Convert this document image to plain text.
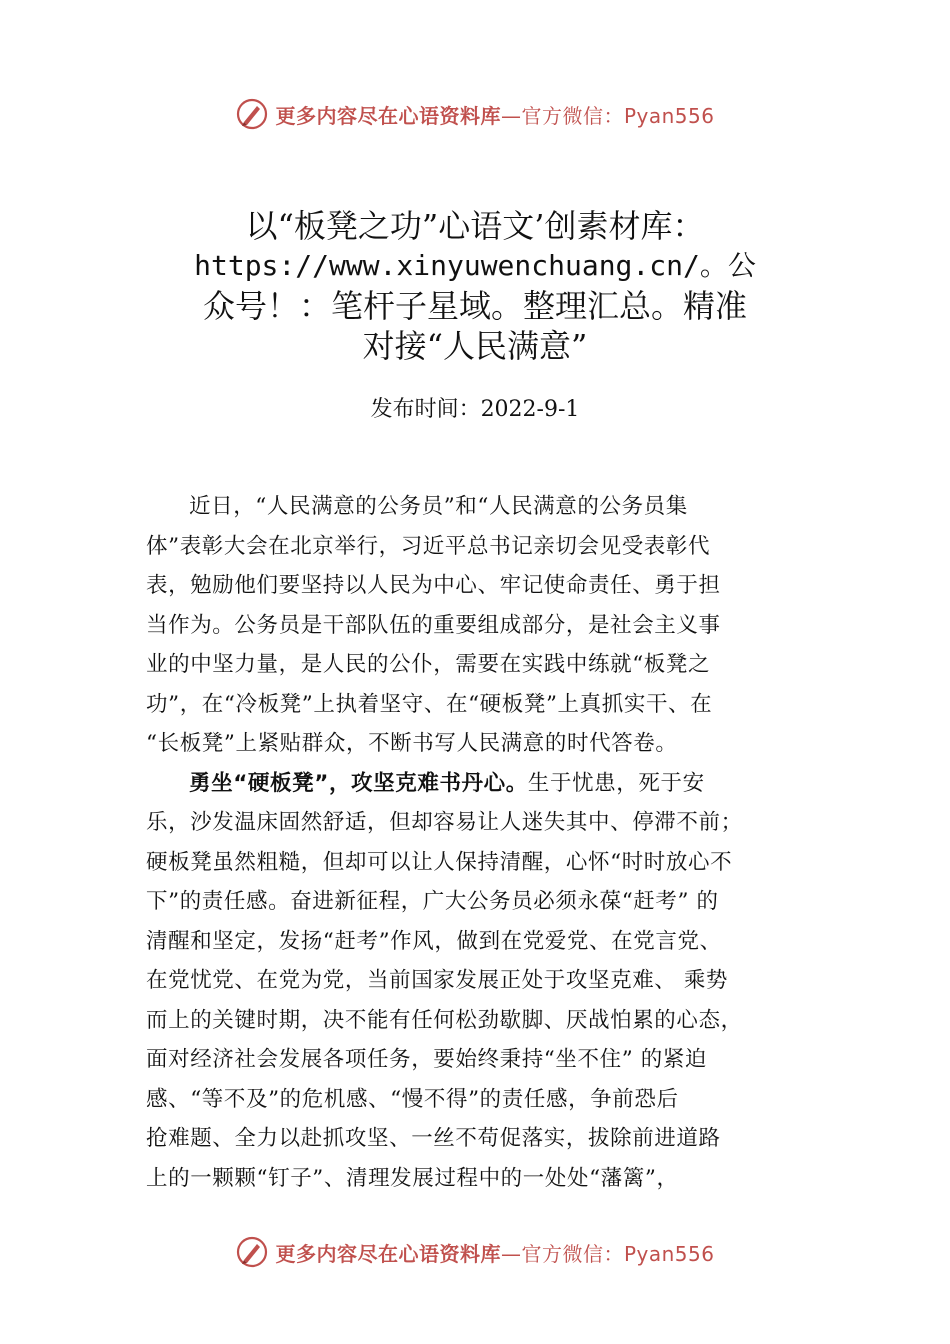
更多内容尽在心语资料库—官方微信：Pyan556
以“板凳之功”心语文’创素材库：
https://www.xinyuwenchuang.cn/。公
众号！：笔杆子星域。整理汇总。精准
对接“人民满意”
发布时间：2022-9-1
近日，“人民满意的公务员”和“人民满意的公务员集
体”表彰大会在北京举行，习近平总书记亲切会见受表彰代
表，勉励他们要坚持以人民为中心、牢记使命责任、勇于担
当作为。公务员是干部队伍的重要组成部分，是社会主义事
业的中坚力量，是人民的公仆，需要在实践中练就“板凳之
功”，在“冷板凳”上执着坚守、在“硬板凳”上真抓实干、在
“长板凳”上紧贴群众，不断书写人民满意的时代答卷。
勇坐“硬板凳”，攻坚克难书丹心。生于忧患，死于安
乐，沙发温床固然舒适，但却容易让人迷失其中、停滞不前；
硬板凳虽然粗糙，但却可以让人保持清醒，心怀“时时放心不
下”的责任感。奋进新征程，广大公务员必须永葆“赶考” 的
清醒和坚定，发扬“赶考”作风，做到在党爱党、在党言党、
在党忧党、在党为党，当前国家发展正处于攻坚克难、 乘势
而上的关键时期，决不能有任何松劲歇脚、厌战怕累的心态，
面对经济社会发展各项任务，要始终秉持“坐不住” 的紧迫
感、“等不及”的危机感、“慢不得”的责任感，争前恐后
抢难题、全力以赴抓攻坚、一丝不苟促落实，拔除前进道路
上的一颗颗“钉子”、清理发展过程中的一处处“藩篱”，
更多内容尽在心语资料库—官方微信：Pyan556
